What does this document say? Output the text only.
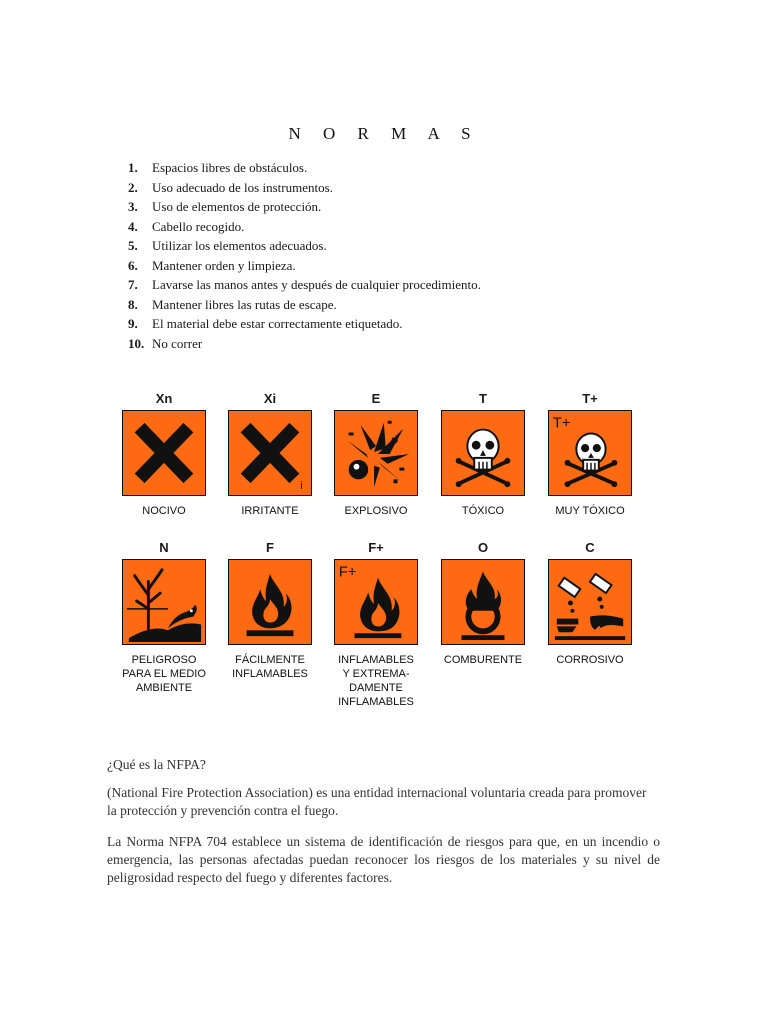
N O R M A S
1. Espacios libres de obstáculos.
2. Uso adecuado de los instrumentos.
3. Uso de elementos de protección.
4. Cabello recogido.
5. Utilizar los elementos adecuados.
6. Mantener orden y limpieza.
7. Lavarse las manos antes y después de cualquier procedimiento.
8. Mantener libres las rutas de escape.
9. El material debe estar correctamente etiquetado.
10. No correr
Xn
NOCIVO
Xi
i
IRRITANTE
E
EXPLOSIVO
T
TÓXICO
T+
T+
MUY TÓXICO
N
PELIGROSO
PARA EL MEDIO
AMBIENTE
F
FÁCILMENTE
INFLAMABLES
F+
F+
INFLAMABLES
Y EXTREMA-
DAMENTE
INFLAMABLES
O
COMBURENTE
C
CORROSIVO
¿Qué es la NFPA?
(National Fire Protection Association) es una entidad internacional voluntaria creada para promover la protección y prevención contra el fuego.
La Norma NFPA 704 establece un sistema de identificación de riesgos para que, en un incendio o emergencia, las personas afectadas puedan reconocer los riesgos de los materiales y su nivel de peligrosidad respecto del fuego y diferentes factores.
